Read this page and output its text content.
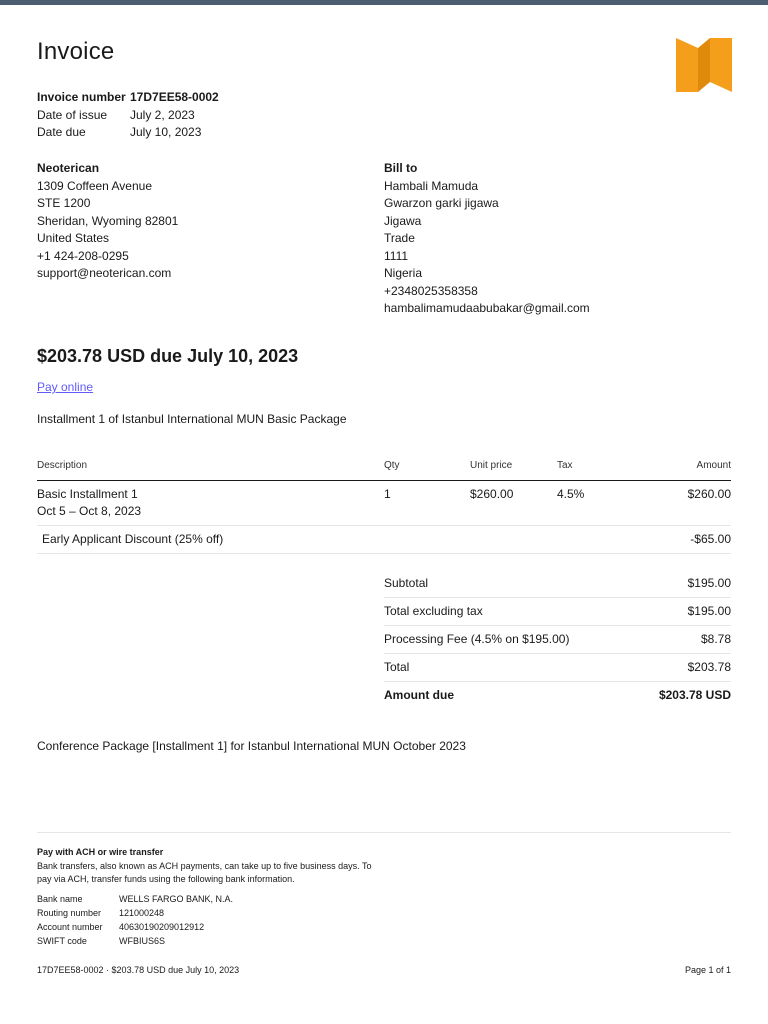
Invoice
Invoice number 17D7EE58-0002
Date of issue	July 2, 2023
Date due	July 10, 2023
Neoterican
1309 Coffeen Avenue
STE 1200
Sheridan, Wyoming 82801
United States
+1 424-208-0295
support@neoterican.com
Bill to
Hambali Mamuda
Gwarzon garki jigawa
Jigawa
Trade
1111
Nigeria
+2348025358358
hambalimamudaabubakar@gmail.com
$203.78 USD due July 10, 2023
Pay online
Installment 1 of Istanbul International MUN Basic Package
Description	Qty	Unit price	Tax	Amount
Basic Installment 1
Oct 5 – Oct 8, 2023
1	$260.00	4.5%	$260.00
Early Applicant Discount (25% off)	-$65.00
Subtotal	$195.00
Total excluding tax	$195.00
Processing Fee (4.5% on $195.00)	$8.78
Total	$203.78
Amount due	$203.78 USD
Conference Package [Installment 1] for Istanbul International MUN October 2023
Pay with ACH or wire transfer
Bank transfers, also known as ACH payments, can take up to five business days. To pay via ACH, transfer funds using the following bank information.
Bank name	WELLS FARGO BANK, N.A.
Routing number	121000248
Account number	40630190209012912
SWIFT code	WFBIUS6S
17D7EE58-0002 · $203.78 USD due July 10, 2023	Page 1 of 1
